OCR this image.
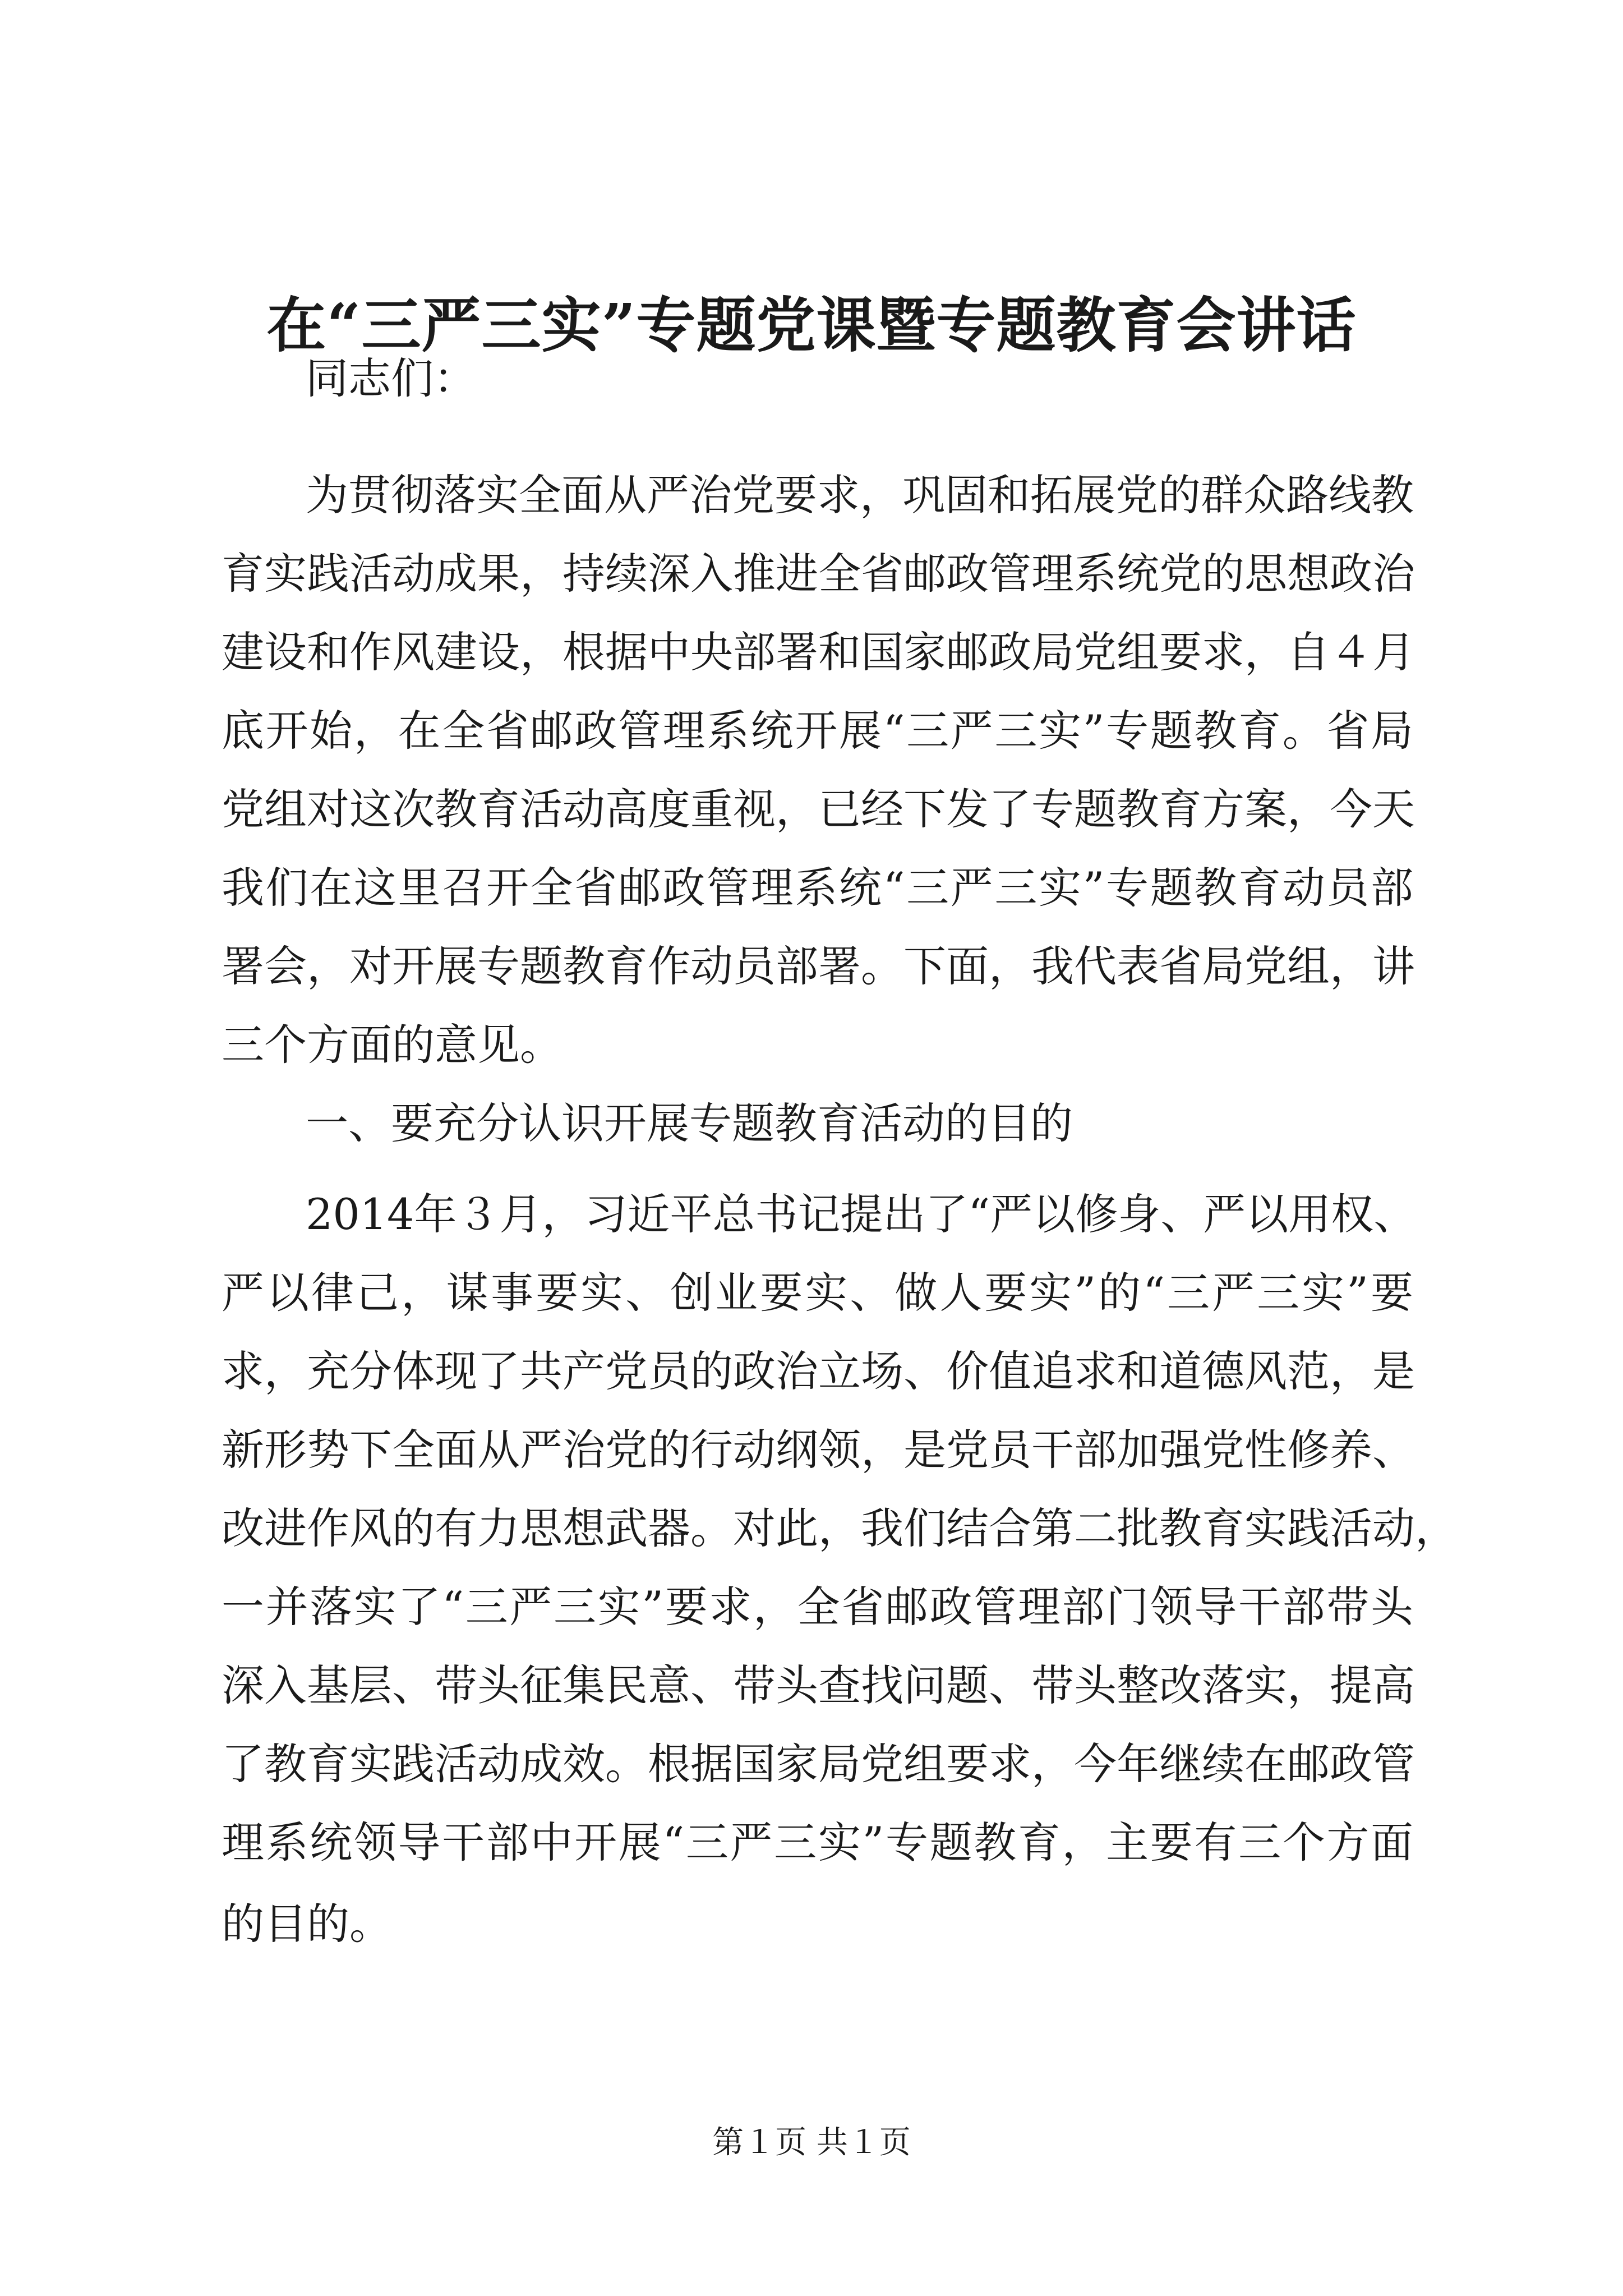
在“三严三实”专题党课暨专题教育会讲话
同志们：
为贯彻落实全面从严治党要求，巩固和拓展党的群众路线教
育实践活动成果，持续深入推进全省邮政管理系统党的思想政治
建设和作风建设，根据中央部署和国家邮政局党组要求，自４月
底开始，在全省邮政管理系统开展“三严三实”专题教育。省局
党组对这次教育活动高度重视，已经下发了专题教育方案，今天
我们在这里召开全省邮政管理系统“三严三实”专题教育动员部
署会，对开展专题教育作动员部署。下面，我代表省局党组，讲
三个方面的意见。
一、要充分认识开展专题教育活动的目的
2014年３月，习近平总书记提出了“严以修身、严以用权、
严以律己，谋事要实、创业要实、做人要实”的“三严三实”要
求，充分体现了共产党员的政治立场、价值追求和道德风范，是
新形势下全面从严治党的行动纲领，是党员干部加强党性修养、
改进作风的有力思想武器。对此，我们结合第二批教育实践活动，
一并落实了“三严三实”要求，全省邮政管理部门领导干部带头
深入基层、带头征集民意、带头查找问题、带头整改落实，提高
了教育实践活动成效。根据国家局党组要求，今年继续在邮政管
理系统领导干部中开展“三严三实”专题教育，主要有三个方面
的目的。
第１页 共１页
